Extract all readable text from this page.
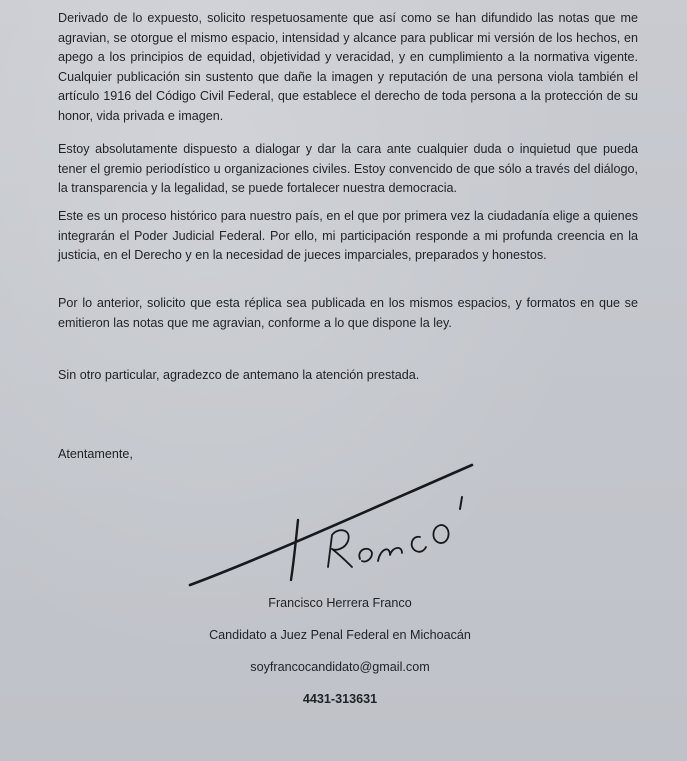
Derivado de lo expuesto, solicito respetuosamente que así como se han difundido las notas que me agravian, se otorgue el mismo espacio, intensidad y alcance para publicar mi versión de los hechos, en apego a los principios de equidad, objetividad y veracidad, y en cumplimiento a la normativa vigente. Cualquier publicación sin sustento que dañe la imagen y reputación de una persona viola también el artículo 1916 del Código Civil Federal, que establece el derecho de toda persona a la protección de su honor, vida privada e imagen.

Estoy absolutamente dispuesto a dialogar y dar la cara ante cualquier duda o inquietud que pueda tener el gremio periodístico u organizaciones civiles. Estoy convencido de que sólo a través del diálogo, la transparencia y la legalidad, se puede fortalecer nuestra democracia.

Este es un proceso histórico para nuestro país, en el que por primera vez la ciudadanía elige a quienes integrarán el Poder Judicial Federal. Por ello, mi participación responde a mi profunda creencia en la justicia, en el Derecho y en la necesidad de jueces imparciales, preparados y honestos.

Por lo anterior, solicito que esta réplica sea publicada en los mismos espacios, y formatos en que se emitieron las notas que me agravian, conforme a lo que dispone la ley.

Sin otro particular, agradezco de antemano la atención prestada.

Atentamente,

Francisco Herrera Franco
Candidato a Juez Penal Federal en Michoacán
soyfrancocandidato@gmail.com
4431-313631
